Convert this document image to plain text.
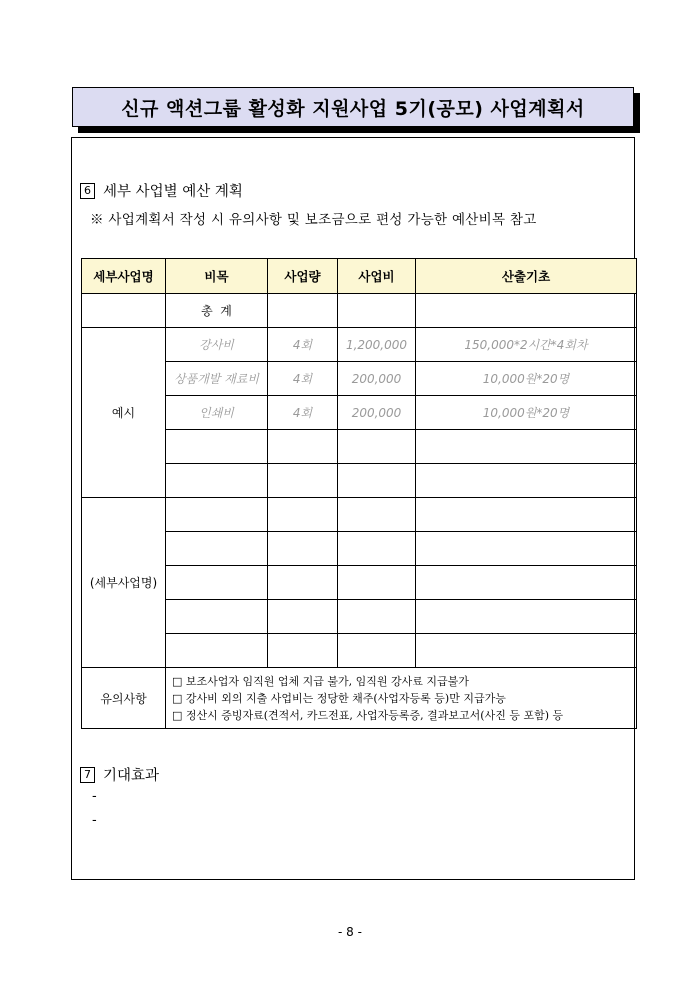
신규 액션그룹 활성화 지원사업 5기(공모) 사업계획서
6 세부 사업별 예산 계획
※ 사업계획서 작성 시 유의사항 및 보조금으로 편성 가능한 예산비목 참고
세부사업명	비목	사업량	사업비	산출기초
	총  계			
예시	강사비	4회	1,200,000	150,000*2시간*4회차
	상품개발 재료비	4회	200,000	10,000원*20명
	인쇄비	4회	200,000	10,000원*20명

(세부사업명)				

유의사항	□ 보조사업자 임직원 업체 지급 불가, 임직원 강사료 지급불가
□ 강사비 외의 지출 사업비는 정당한 채주(사업자등록 등)만 지급가능
□ 정산시 증빙자료(견적서, 카드전표, 사업자등록증, 결과보고서(사진 등 포함) 등			
7 기대효과
-
-
- 8 -
